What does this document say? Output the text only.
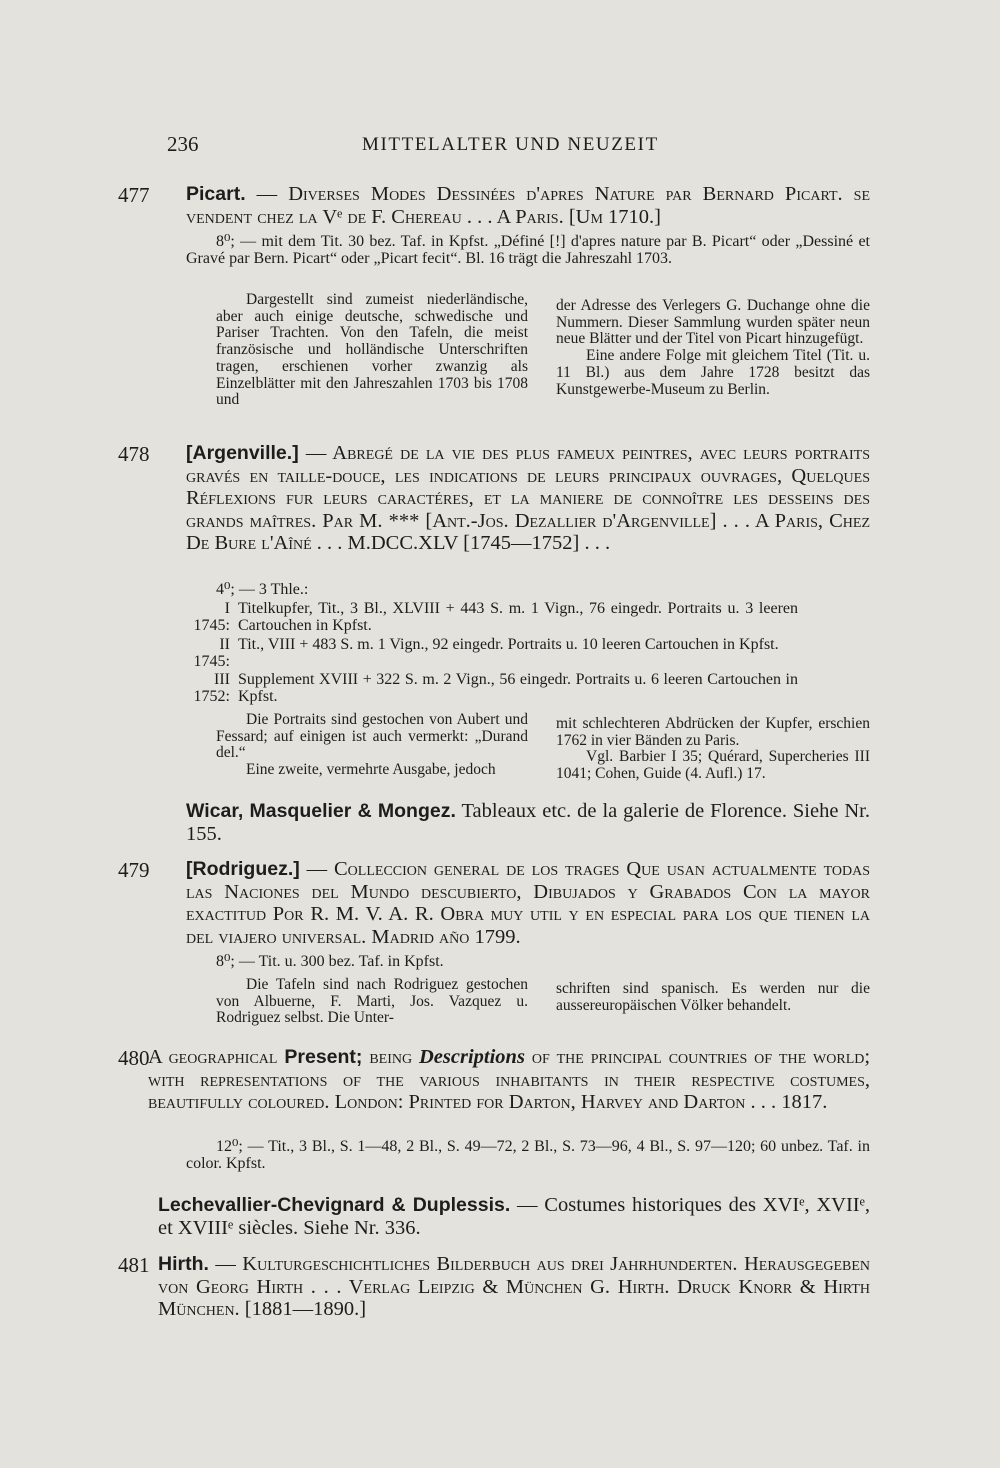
236	MITTELALTER UND NEUZEIT
477 Picart. — Diverses Modes Dessinées d'apres Nature par Bernard Picart. se vendent chez la Vᵉ de F. Chereau . . . A Paris. [Um 1710.]
8⁰; — mit dem Tit. 30 bez. Taf. in Kpfst. „Définé [!] d'apres nature par B. Picart“ oder „Dessiné et Gravé par Bern. Picart“ oder „Picart fecit“. Bl. 16 trägt die Jahreszahl 1703.
Dargestellt sind zumeist niederländische, aber auch einige deutsche, schwedische und Pariser Trachten. Von den Tafeln, die meist französische und holländische Unterschriften tragen, erschienen vorher zwanzig als Einzelblätter mit den Jahreszahlen 1703 bis 1708 und
der Adresse des Verlegers G. Duchange ohne die Nummern. Dieser Sammlung wurden später neun neue Blätter und der Titel von Picart hinzugefügt.
Eine andere Folge mit gleichem Titel (Tit. u. 11 Bl.) aus dem Jahre 1728 besitzt das Kunstgewerbe-Museum zu Berlin.
478 [Argenville.] — Abregé de la vie des plus fameux peintres, avec leurs portraits gravés en taille-douce, les indications de leurs principaux ouvrages, Quelques Réflexions fur leurs caractéres, et la maniere de connoître les desseins des grands maîtres. Par M. *** [Ant.-Jos. Dezallier d'Argenville] . . . A Paris, Chez De Bure l'Aîné . . . M.DCC.XLV [1745—1752] . . .
4⁰; — 3 Thle.:
I 1745:Titelkupfer, Tit., 3 Bl., XLVIII + 443 S. m. 1 Vign., 76 eingedr. Portraits u. 3 leeren Cartouchen in Kpfst.
II 1745:Tit., VIII + 483 S. m. 1 Vign., 92 eingedr. Portraits u. 10 leeren Cartouchen in Kpfst.
III 1752:Supplement XVIII + 322 S. m. 2 Vign., 56 eingedr. Portraits u. 6 leeren Cartouchen in Kpfst.
Die Portraits sind gestochen von Aubert und Fessard; auf einigen ist auch vermerkt: „Durand del.“
Eine zweite, vermehrte Ausgabe, jedoch
mit schlechteren Abdrücken der Kupfer, erschien 1762 in vier Bänden zu Paris.
Vgl. Barbier I 35; Quérard, Supercheries III 1041; Cohen, Guide (4. Aufl.) 17.
Wicar, Masquelier & Mongez. Tableaux etc. de la galerie de Florence. Siehe Nr. 155.
479 [Rodriguez.] — Colleccion general de los trages Que usan actualmente todas las Naciones del Mundo descubierto, Dibujados y Grabados Con la mayor exactitud Por R. M. V. A. R. Obra muy util y en especial para los que tienen la del viajero universal. Madrid año 1799.
8⁰; — Tit. u. 300 bez. Taf. in Kpfst.
Die Tafeln sind nach Rodriguez gestochen von Albuerne, F. Marti, Jos. Vazquez u. Rodriguez selbst. Die Unter-
schriften sind spanisch. Es werden nur die aussereuropäischen Völker behandelt.
480
A geographical Present; being Descriptions of the principal countries of the world; with representations of the various inhabitants in their respective costumes, beautifully coloured. London: Printed for Darton, Harvey and Darton . . . 1817.
12⁰; — Tit., 3 Bl., S. 1—48, 2 Bl., S. 49—72, 2 Bl., S. 73—96, 4 Bl., S. 97—120; 60 unbez. Taf. in color. Kpfst.
Lechevallier-Chevignard & Duplessis. — Costumes historiques des XVIᵉ, XVIIᵉ, et XVIIIᵉ siècles. Siehe Nr. 336.
481 Hirth. — Kulturgeschichtliches Bilderbuch aus drei Jahrhunderten. Herausgegeben von Georg Hirth . . . Verlag Leipzig & München G. Hirth. Druck Knorr & Hirth München. [1881—1890.]
